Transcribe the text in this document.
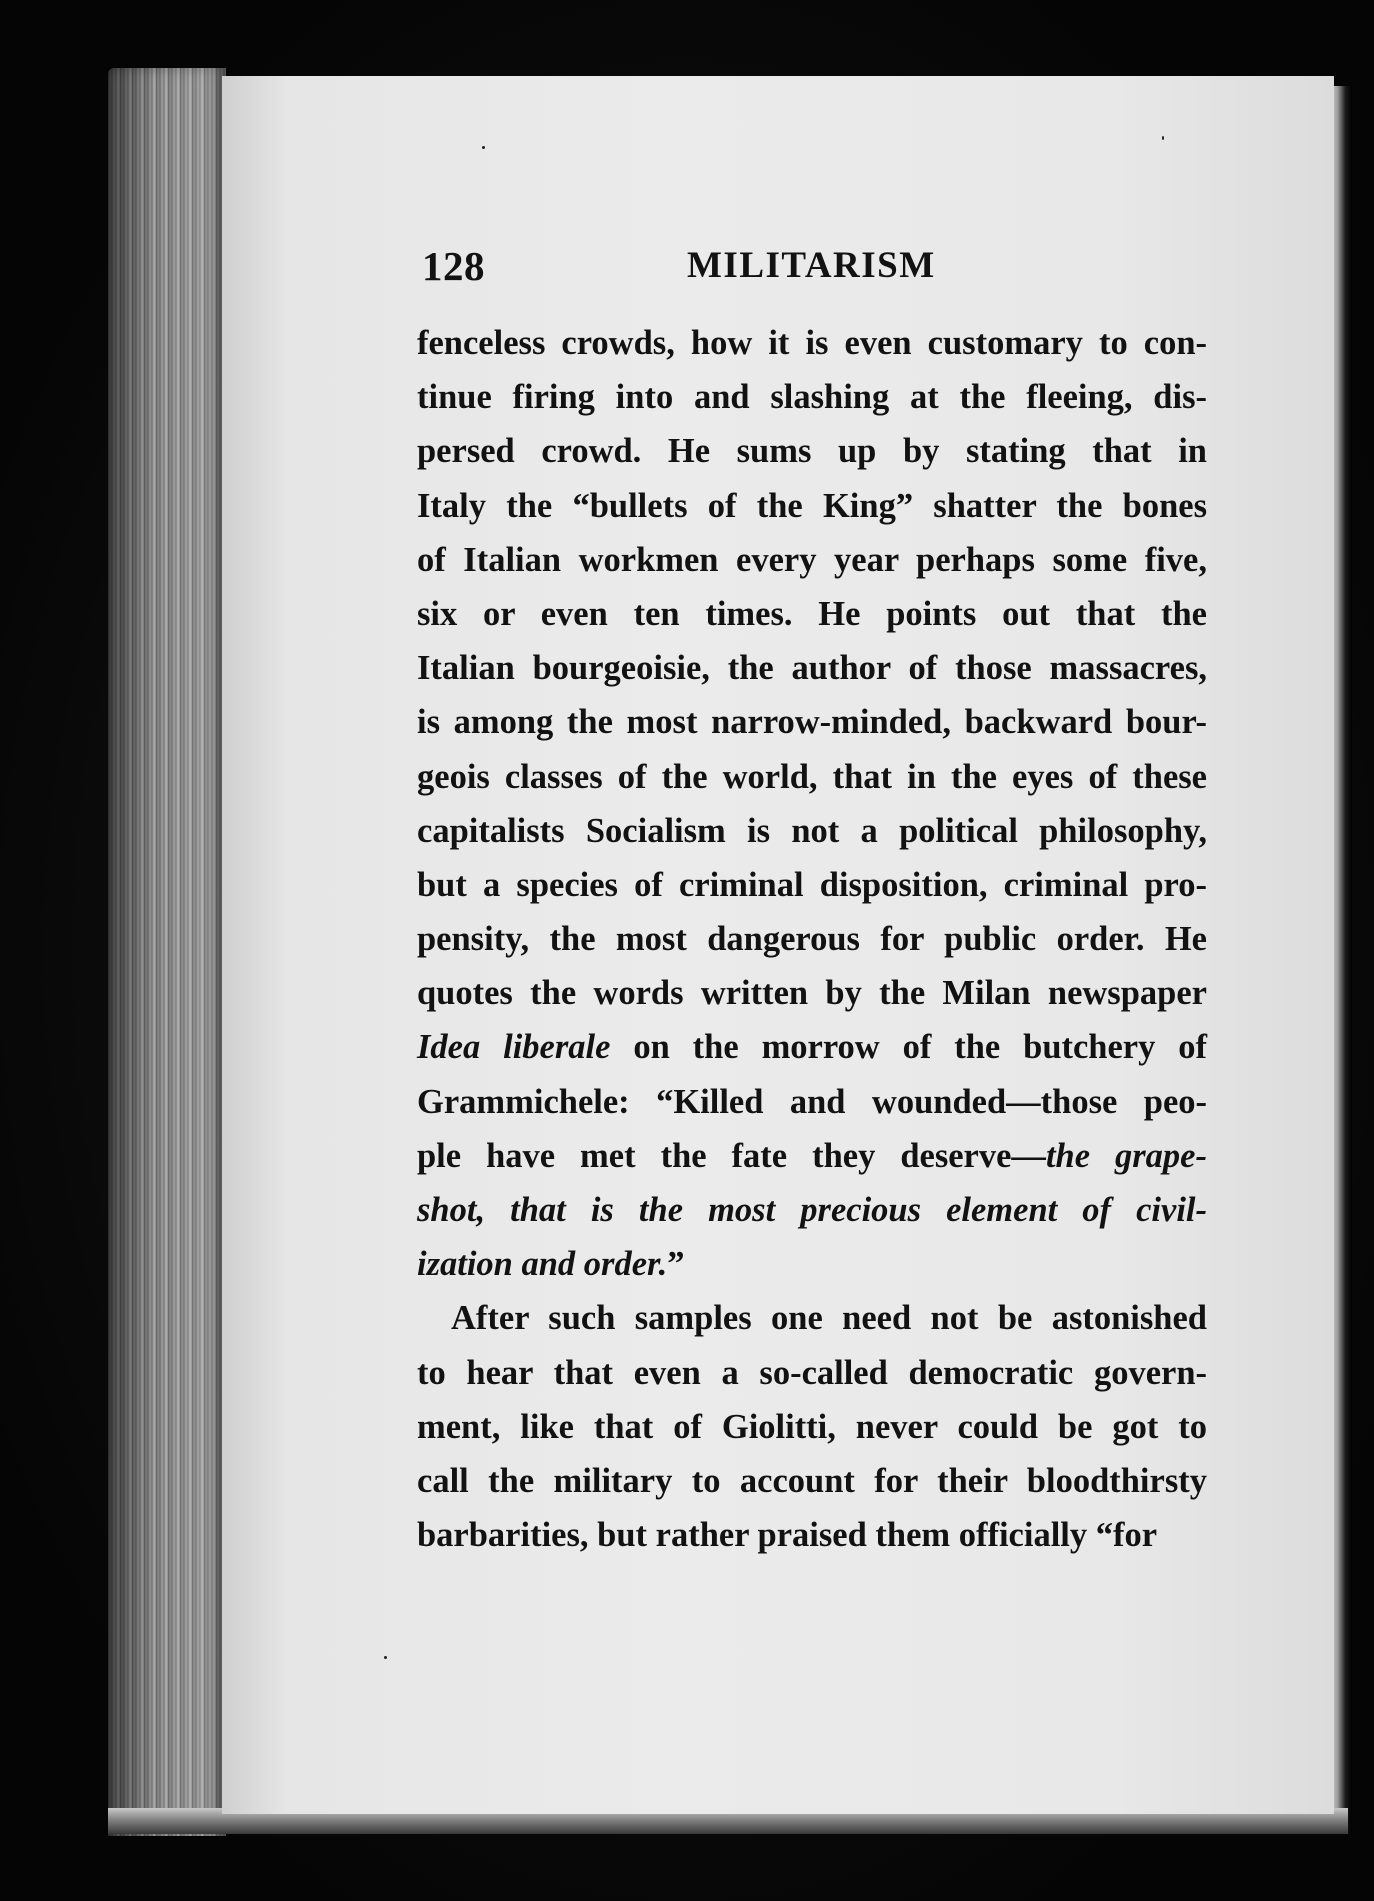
128	MILITARISM
fenceless crowds, how it is even customary to con-
tinue firing into and slashing at the fleeing, dis-
persed crowd. He sums up by stating that in
Italy the “bullets of the King” shatter the bones
of Italian workmen every year perhaps some five,
six or even ten times. He points out that the
Italian bourgeoisie, the author of those massacres,
is among the most narrow-minded, backward bour-
geois classes of the world, that in the eyes of these
capitalists Socialism is not a political philosophy,
but a species of criminal disposition, criminal pro-
pensity, the most dangerous for public order. He
quotes the words written by the Milan newspaper
Idea liberale on the morrow of the butchery of
Grammichele: “Killed and wounded—those peo-
ple have met the fate they deserve—the grape-
shot, that is the most precious element of civil-
ization and order.”
After such samples one need not be astonished
to hear that even a so-called democratic govern-
ment, like that of Giolitti, never could be got to
call the military to account for their bloodthirsty
barbarities, but rather praised them officially “for
